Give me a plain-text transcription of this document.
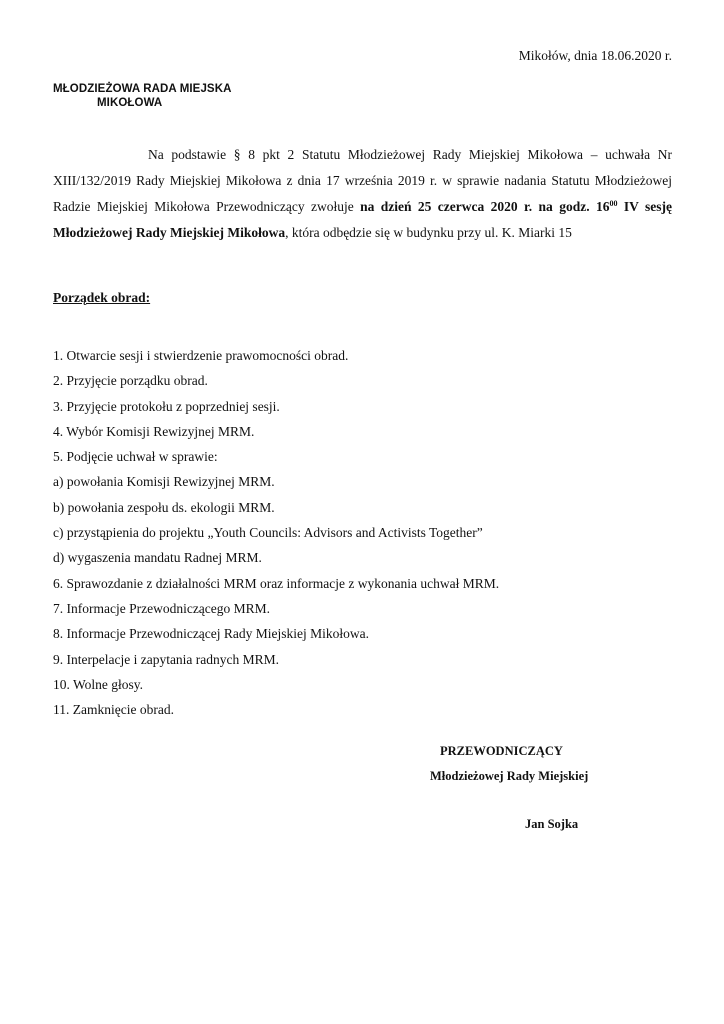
Mikołów, dnia 18.06.2020 r.
MŁODZIEŻOWA RADA MIEJSKA
MIKOŁOWA
Na podstawie § 8 pkt 2 Statutu Młodzieżowej Rady Miejskiej Mikołowa – uchwała Nr XIII/132/2019 Rady Miejskiej Mikołowa z dnia 17 września 2019 r. w sprawie nadania Statutu Młodzieżowej Radzie Miejskiej Mikołowa Przewodniczący zwołuje na dzień 25 czerwca 2020 r. na godz. $16^{00}$ IV sesję Młodzieżowej Rady Miejskiej Mikołowa, która odbędzie się w budynku przy ul. K. Miarki 15
Porządek obrad:
1. Otwarcie sesji i stwierdzenie prawomocności obrad.
2. Przyjęcie porządku obrad.
3. Przyjęcie protokołu z poprzedniej sesji.
4. Wybór Komisji Rewizyjnej MRM.
5. Podjęcie uchwał w sprawie:
a) powołania Komisji Rewizyjnej MRM.
b) powołania zespołu ds. ekologii MRM.
c) przystąpienia do projektu „Youth Councils: Advisors and Activists Together”
d) wygaszenia mandatu Radnej MRM.
6. Sprawozdanie z działalności MRM oraz informacje z wykonania uchwał MRM.
7. Informacje Przewodniczącego MRM.
8. Informacje Przewodniczącej Rady Miejskiej Mikołowa.
9. Interpelacje i zapytania radnych MRM.
10. Wolne głosy.
11. Zamknięcie obrad.
PRZEWODNICZĄCY
Młodzieżowej Rady Miejskiej
Jan Sojka
